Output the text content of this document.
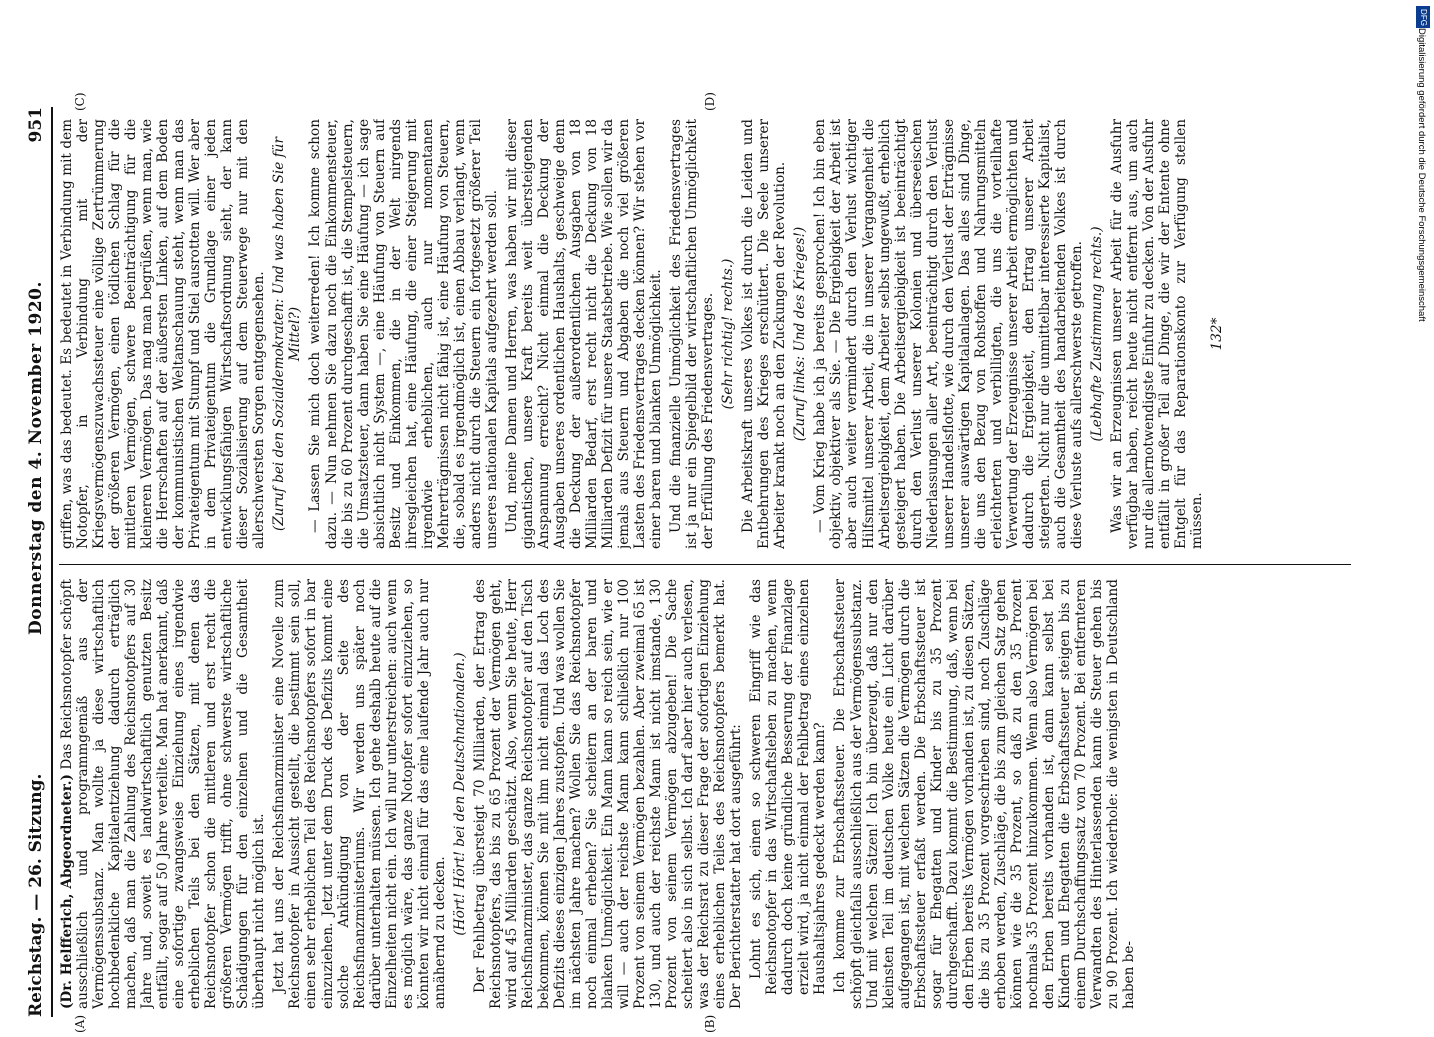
Reichstag. — 26. Sitzung.
Donnerstag den 4. November 1920.
951
(A)	(B)
(C)	(D)

(Dr. Helfferich, Abgeordneter.) Das Reichsnotopfer schöpft ausschließlich und programmgemäß aus der Vermögenssubstanz. Man wollte ja diese wirtschaftlich hochbedenkliche Kapitalentziehung dadurch erträglich machen, daß man die Zahlung des Reichsnotopfers auf 30 Jahre und, soweit es landwirtschaftlich genutzten Besitz entfällt, sogar auf 50 Jahre verteilte. Man hat anerkannt, daß eine sofortige zwangsweise Einziehung eines irgendwie erheblichen Teils bei den Sätzen, mit denen das Reichsnotopfer schon die mittleren und erst recht die größeren Vermögen trifft, ohne schwerste wirtschaftliche Schädigungen für den einzelnen und die Gesamtheit überhaupt nicht möglich ist. Jetzt hat uns der Reichsfinanzminister eine Novelle zum Reichsnotopfer in Aussicht gestellt, die bestimmt sein soll, einen sehr erheblichen Teil des Reichsnotopfers sofort in bar einzuziehen. Jetzt unter dem Druck des Defizits kommt eine solche Ankündigung von der Seite des Reichsfinanzministeriums. Wir werden uns später noch darüber unterhalten müssen. Ich gehe deshalb heute auf die Einzelheiten nicht ein. Ich will nur unterstreichen: auch wenn es möglich wäre, das ganze Notopfer sofort einzuziehen, so könnten wir nicht einmal für das eine laufende Jahr auch nur annähernd zu decken. (Hört! Hört! bei den Deutschnationalen.) Der Fehlbetrag übersteigt 70 Milliarden, der Ertrag des Reichsnotopfers, das bis zu 65 Prozent der Vermögen geht, wird auf 45 Milliarden geschätzt. Also, wenn Sie heute, Herr Reichsfinanzminister, das ganze Reichsnotopfer auf den Tisch bekommen, können Sie mit ihm nicht einmal das Loch des Defizits dieses einzigen Jahres zustopfen. Und was wollen Sie im nächsten Jahre machen? Wollen Sie das Reichsnotopfer noch einmal erheben? Sie scheitern an der baren und blanken Unmöglichkeit. Ein Mann kann so reich sein, wie er will — auch der reichste Mann kann schließlich nur 100 Prozent von seinem Vermögen bezahlen. Aber zweimal 65 ist 130, und auch der reichste Mann ist nicht imstande, 130 Prozent von seinem Vermögen abzugeben! Die Sache scheitert also in sich selbst. Ich darf aber hier auch verlesen, was der Reichsrat zu dieser Frage der sofortigen Einziehung eines erheblichen Teiles des Reichsnotopfers bemerkt hat. Der Berichterstatter hat dort ausgeführt: Lohnt es sich, einen so schweren Eingriff wie das Reichsnotopfer in das Wirtschaftsleben zu machen, wenn dadurch doch keine gründliche Besserung der Finanzlage erzielt wird, ja nicht einmal der Fehlbetrag eines einzelnen Haushaltsjahres gedeckt werden kann? Ich komme zur Erbschaftssteuer. Die Erbschaftssteuer schöpft gleichfalls ausschließlich aus der Vermögenssubstanz. Und mit welchen Sätzen! Ich bin überzeugt, daß nur den kleinsten Teil im deutschen Volke heute ein Licht darüber aufgegangen ist, mit welchen Sätzen die Vermögen durch die Erbschaftssteuer erfaßt werden. Die Erbschaftssteuer ist sogar für Ehegatten und Kinder bis zu 35 Prozent durchgeschafft. Dazu kommt die Bestimmung, daß, wenn bei den Erben bereits Vermögen vorhanden ist, zu diesen Sätzen, die bis zu 35 Prozent vorgeschrieben sind, noch Zuschläge erhoben werden, Zuschläge, die bis zum gleichen Satz gehen können wie die 35 Prozent, so daß zu den 35 Prozent nochmals 35 Prozent hinzukommen. Wenn also Vermögen bei den Erben bereits vorhanden ist, dann kann selbst bei Kindern und Ehegatten die Erbschaftssteuer steigen bis zu einem Durchschaffungssatz von 70 Prozent. Bei entfernteren Verwandten des Hinterlassenden kann die Steuer gehen bis zu 90 Prozent. Ich wiederhole: die wenigsten in Deutschland haben be-

griffen, was das bedeutet. Es bedeutet in Verbindung mit dem Notopfer, in Verbindung mit der Kriegsvermögenszuwachssteuer eine völlige Zertrümmerung der größeren Vermögen, einen tödlichen Schlag für die mittleren Vermögen, schwere Beeinträchtigung für die kleineren Vermögen. Das mag man begrüßen, wenn man, wie die Herrschaften auf der äußersten Linken, auf dem Boden der kommunistischen Weltanschauung steht, wenn man das Privateigentum mit Stumpf und Stiel ausrotten will. Wer aber in dem Privateigentum die Grundlage einer jeden entwicklungsfähigen Wirtschaftsordnung sieht, der kann dieser Sozialisierung auf dem Steuerwege nur mit den allerschwersten Sorgen entgegensehen. (Zuruf bei den Sozialdemokraten: Und was haben Sie für Mittel?) — Lassen Sie mich doch weiterreden! Ich komme schon dazu. — Nun nehmen Sie dazu noch die Einkommensteuer, die bis zu 60 Prozent durchgeschafft ist, die Stempelsteuern, die Umsatzsteuer, dann haben Sie eine Häufung — ich sage absichtlich nicht System —, eine Häufung von Steuern auf Besitz und Einkommen, die in der Welt nirgends ihresgleichen hat, eine Häufung, die einer Steigerung mit irgendwie erheblichen, auch nur momentanen Mehrerträgnissen nicht fähig ist, eine Häufung von Steuern, die, sobald es irgendmöglich ist, einen Abbau verlangt, wenn anders nicht durch die Steuern ein fortgesetzt größerer Teil unseres nationalen Kapitals aufgezehrt werden soll. Und, meine Damen und Herren, was haben wir mit dieser gigantischen, unsere Kraft bereits weit übersteigenden Anspannung erreicht? Nicht einmal die Deckung der Ausgaben unseres ordentlichen Haushalts, geschweige denn die Deckung der außerordentlichen Ausgaben von 18 Milliarden Bedarf, erst recht nicht die Deckung von 18 Milliarden Defizit für unsere Staatsbetriebe. Wie sollen wir da jemals aus Steuern und Abgaben die noch viel größeren Lasten des Friedensvertrages decken können? Wir stehen vor einer baren und blanken Unmöglichkeit. Und die finanzielle Unmöglichkeit des Friedensvertrages ist ja nur ein Spiegelbild der wirtschaftlichen Unmöglichkeit der Erfüllung des Friedensvertrages. (Sehr richtig! rechts.) Die Arbeitskraft unseres Volkes ist durch die Leiden und Entbehrungen des Krieges erschüttert. Die Seele unserer Arbeiter krankt noch an den Zuckungen der Revolution. (Zuruf links: Und des Krieges!) — Vom Krieg habe ich ja bereits gesprochen! Ich bin eben objektiv, objektiver als Sie. — Die Ergiebigkeit der Arbeit ist aber auch weiter vermindert durch den Verlust wichtiger Hilfsmittel unserer Arbeit, die in unserer Vergangenheit die Arbeitsergiebigkeit, dem Arbeiter selbst ungewußt, erheblich gesteigert haben. Die Arbeitsergiebigkeit ist beeinträchtigt durch den Verlust unserer Kolonien und überseeischen Niederlassungen aller Art, beeinträchtigt durch den Verlust unserer Handelsflotte, wie durch den Verlust der Erträgnisse unserer auswärtigen Kapitalanlagen. Das alles sind Dinge, die uns den Bezug von Rohstoffen und Nahrungsmitteln erleichterten und verbilligten, die uns die vorteilhafte Verwertung der Erzeugnisse unserer Arbeit ermöglichten und dadurch die Ergiebigkeit, den Ertrag unserer Arbeit steigerten. Nicht nur die unmittelbar interessierte Kapitalist, auch die Gesamtheit des handarbeitenden Volkes ist durch diese Verluste aufs allerschwerste getroffen. (Lebhafte Zustimmung rechts.) Was wir an Erzeugnissen unserer Arbeit für die Ausfuhr verfügbar haben, reicht heute nicht entfernt aus, um auch nur die allernotwendigste Einfuhr zu decken. Von der Ausfuhr entfällt in großer Teil auf Dinge, die wir der Entente ohne Entgelt für das Reparationskonto zur Verfügung stellen müssen.

132*

DFG
Digitalisierung gefördert durch die Deutsche Forschungsgemeinschaft
